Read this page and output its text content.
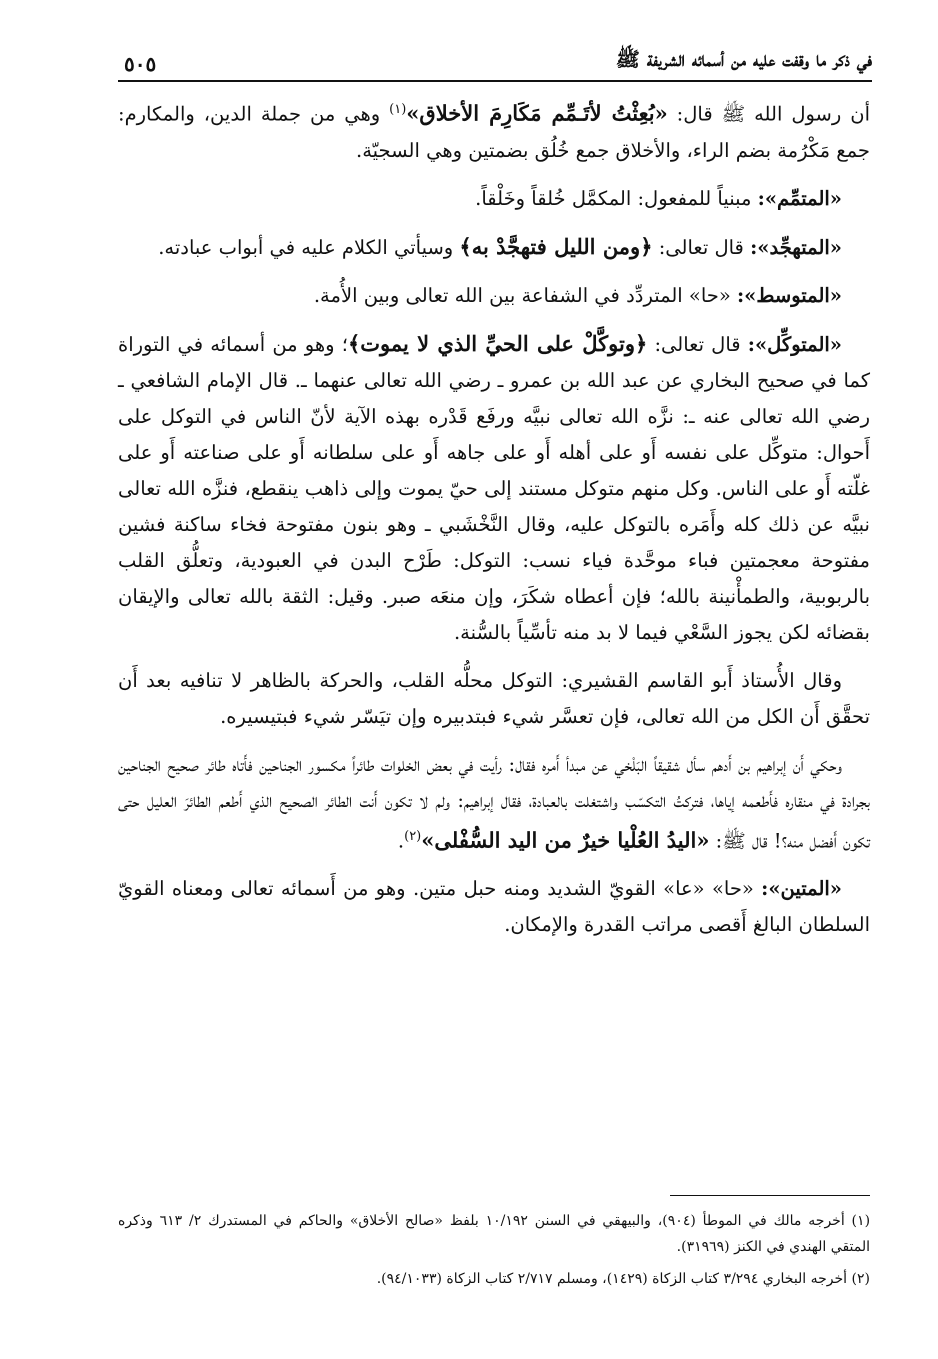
في ذكر ما وقفت عليه من أسمائه الشريفة ﷺ
٥٠٥

أن رسول الله ﷺ قال: «بُعِثْتُ لأتَـمِّم مَكَارِمَ الأخلاق»$^{(١)}$ وهي من جملة الدين، والمكارم: جمع مَكْرُمة بضم الراء، والأخلاق جمع خُلُق بضمتين وهي السجيّة.

«المتمِّم»: مبنياً للمفعول: المكمَّل خُلقاً وخَلْقاً.

«المتهجِّد»: قال تعالى: ﴿ومن الليل فتهجَّدْ به﴾ وسيأتي الكلام عليه في أبواب عبادته.

«المتوسط»: «حا» المتردِّد في الشفاعة بين الله تعالى وبين الأُمة.

«المتوكِّل»: قال تعالى: ﴿وتوكَّلْ على الحيِّ الذي لا يموت﴾؛ وهو من أسمائه في التوراة كما في صحيح البخاري عن عبد الله بن عمرو ـ رضي الله تعالى عنهما ـ. قال الإمام الشافعي ـ رضي الله تعالى عنه ـ: نزَّه الله تعالى نبيَّه ورفَع قَدْره بهذه الآية لأنّ الناس في التوكل على أَحوال: متوكِّل على نفسه أَو على أهله أَو على جاهه أَو على سلطانه أَو على صناعته أَو على غلّته أَو على الناس. وكل منهم متوكل مستند إلى حيّ يموت وإلى ذاهب ينقطع، فنزَّه الله تعالى نبيَّه عن ذلك كله وأَمَره بالتوكل عليه، وقال النَّخْشَبي ـ وهو بنون مفتوحة فخاء ساكنة فشين مفتوحة معجمتين فباء موحَّدة فياء نسب: التوكل: طَرْح البدن في العبودية، وتعلُّق القلب بالربوبية، والطمأْنينة بالله؛ فإن أعطاه شكَرَ، وإن منعَه صبر. وقيل: الثقة بالله تعالى والإيقان بقضائه لكن يجوز السَّعْي فيما لا بد منه تأسِّياً بالسُّنة.

وقال الأُستاذ أَبو القاسم القشيري: التوكل محلُّه القلب، والحركة بالظاهر لا تنافيه بعد أَن تحقَّق أَن الكل من الله تعالى، فإن تعسَّر شيء فبتدبيره وإن تيَسّر شيء فبتيسيره.

وحكي أَن إبراهيم بن أَدهم سأل شقيقاً البَلْخي عن مبدأ أَمره فقال: رأيت في بعض الخلوات طائراً مكسور الجناحين فأَتاه طائر صحيح الجناحين بجرادة في منقاره فأَطعمه إياها، فتركتُ التكسّب واشتغلت بالعبادة، فقال إبراهيم: ولم لا تكون أَنت الطائر الصحيح الذي أَطعم الطائرَ العليل حتى تكون أَفضل منه؟! قال ﷺ: «اليدُ العُلْيا خيرٌ من اليد السُّفْلى»$^{(٢)}$.

«المتين»: «حا» «عا» القويّ الشديد ومنه حبل متين. وهو من أَسمائه تعالى ومعناه القويّ السلطان البالغ أَقصى مراتب القدرة والإمكان.

(١) أخرجه مالك في الموطأ (٩٠٤)، والبيهقي في السنن ١٠/١٩٢ بلفظ «صالح الأخلاق» والحاكم في المستدرك ٢/ ٦١٣ وذكره المتقي الهندي في الكنز (٣١٩٦٩).

(٢) أخرجه البخاري ٣/٢٩٤ كتاب الزكاة (١٤٢٩)، ومسلم ٢/٧١٧ كتاب الزكاة (٩٤/١٠٣٣).
